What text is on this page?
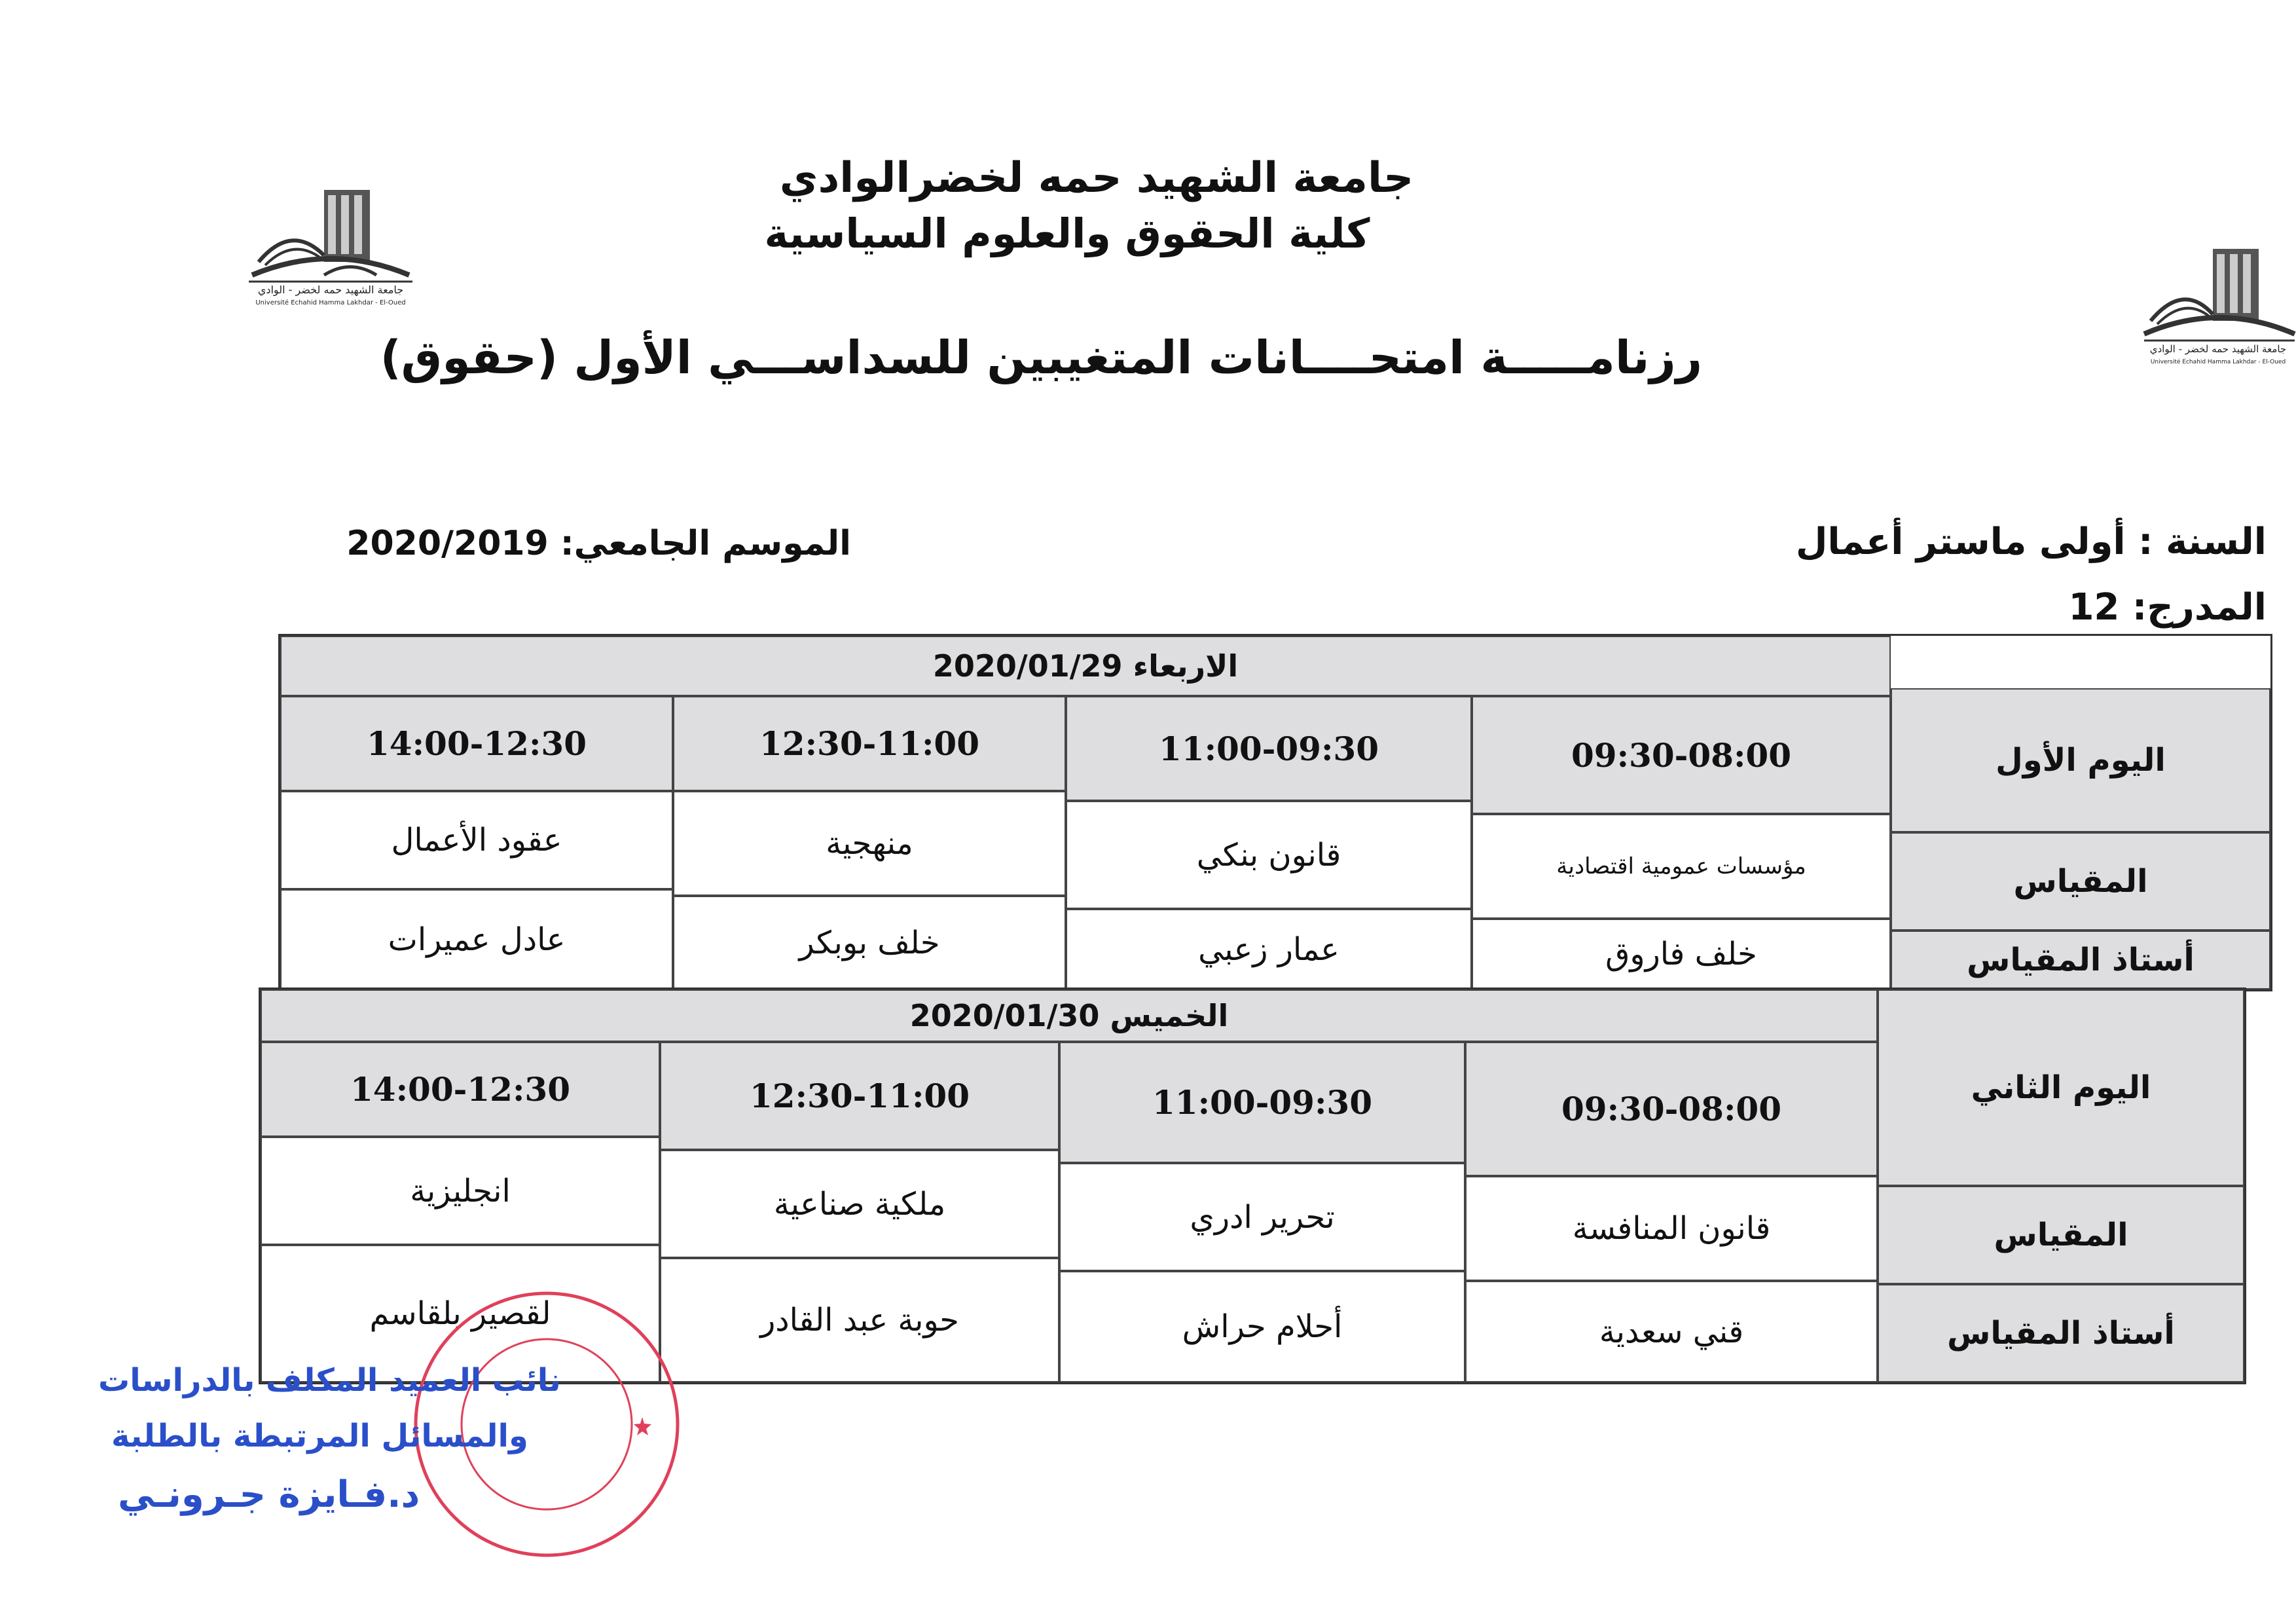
جامعة الشهيد حمه لخضر - الوادي
Université Echahid Hamma Lakhdar - El-Oued
جامعة الشهيد حمه لخضر - الوادي
Université Echahid Hamma Lakhdar - El-Oued
جامعة الشهيد حمه لخضرالوادي
كلية الحقوق والعلوم السياسية
رزنامـــــة امتحــــانات المتغيبين للسداســـي الأول (حقوق)
الموسم الجامعي: 2020/2019	السنة : أولى ماستر أعمال
المدرج: 12
الاربعاء 2020/01/29
اليوم الأول
المقياس
أستاذ المقياس
09:30-08:00
11:00-09:30
12:30-11:00
14:00-12:30
مؤسسات عمومية اقتصادية
قانون بنكي
منهجية
عقود الأعمال
خلف فاروق
عمار زعبي
خلف بوبكر
عادل عميرات
الخميس 2020/01/30
اليوم الثاني
المقياس
أستاذ المقياس
09:30-08:00
11:00-09:30
12:30-11:00
14:00-12:30
قانون المنافسة
تحرير ادري
ملكية صناعية
انجليزية
قني سعدية
أحلام حراش
حوبة عبد القادر
لقصير بلقاسم
نائب العميد المكلف بالدراسات
والمسائل المرتبطة بالطلبة
د.فـايزة جـرونـي
